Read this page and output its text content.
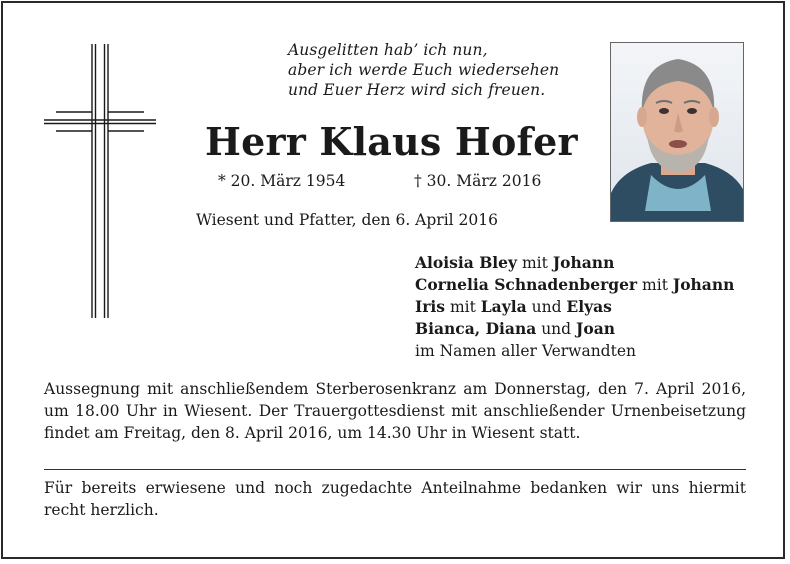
Ausgelitten hab’ ich nun,
aber ich werde Euch wiedersehen
und Euer Herz wird sich freuen.
Herr Klaus Hofer
* 20. März 1954	† 30. März 2016
Wiesent und Pfatter, den 6. April 2016
Aloisia Bley mit Johann
Cornelia Schnadenberger mit Johann
Iris mit Layla und Elyas
Bianca, Diana und Joan
im Namen aller Verwandten
Aussegnung mit anschließendem Sterberosenkranz am Donnerstag, den 7. April 2016, um 18.00 Uhr in Wiesent. Der Trauergottesdienst mit anschließender Urnenbeisetzung findet am Freitag, den 8. April 2016, um 14.30 Uhr in Wiesent statt.
Für bereits erwiesene und noch zugedachte Anteilnahme bedanken wir uns hiermit recht herzlich.
